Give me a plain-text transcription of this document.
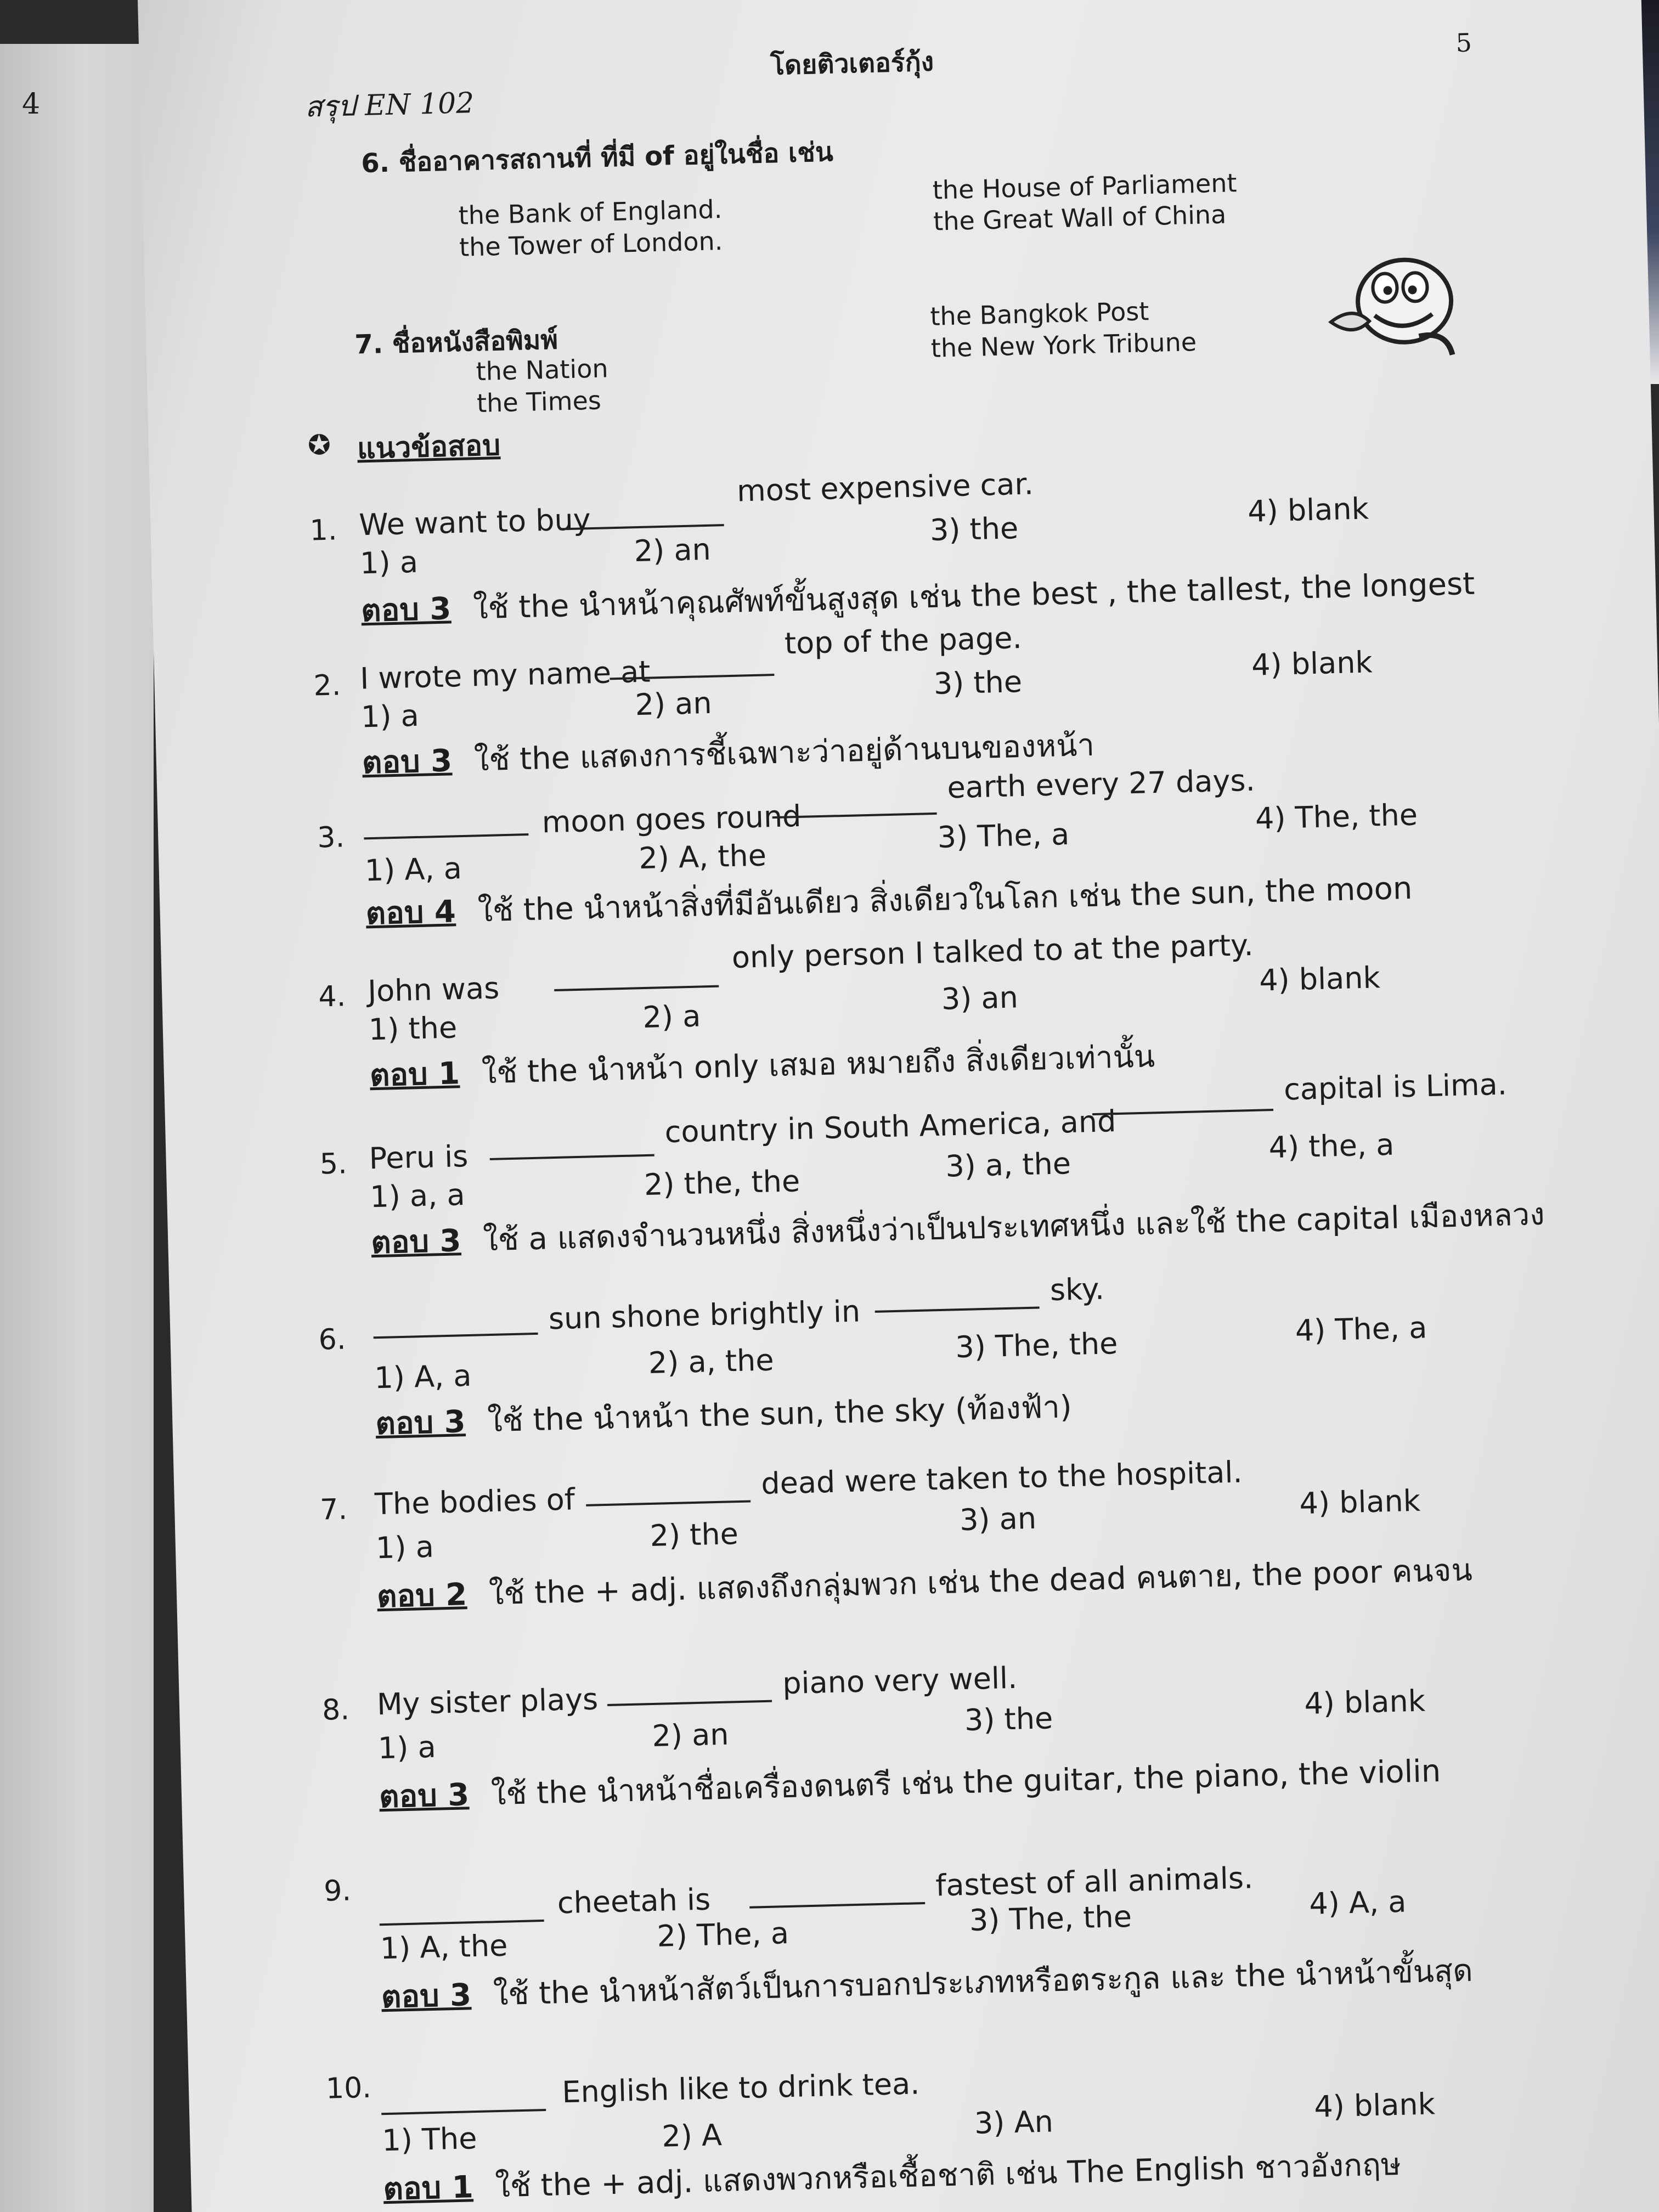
4	สรุป EN 102
โดยติวเตอร์กุ้ง
5
6. ชื่ออาคารสถานที่ ที่มี of อยู่ในชื่อ เช่น
the Bank of England.
the Tower of London.
the House of Parliament
the Great Wall of China
7. ชื่อหนังสือพิมพ์
the Nation
the Times
the Bangkok Post
the New York Tribune
✪ แนวข้อสอบ
1. We want to buy
most expensive car.
1) a	2) an
3) the
4) blank
ตอบ 3 ใช้ the นำหน้าคุณศัพท์ขั้นสูงสุด เช่น the best , the tallest, the longest
2. I wrote my name at
top of the page.
1) a	2) an
3) the
4) blank
ตอบ 3 ใช้ the แสดงการชี้เฉพาะว่าอยู่ด้านบนของหน้า
3.	moon goes round
earth every 27 days.
1) A, a	2) A, the
3) The, a	4) The, the
ตอบ 4 ใช้ the นำหน้าสิ่งที่มีอันเดียว สิ่งเดียวในโลก เช่น the sun, the moon
4. John was
only person I talked to at the party.
1) the	2) a
3) an
4) blank
ตอบ 1 ใช้ the นำหน้า only เสมอ หมายถึง สิ่งเดียวเท่านั้น
5. Peru is
country in South America, and
capital is Lima.
1) a, a	2) the, the	3) a, the
4) the, a
ตอบ 3 ใช้ a แสดงจำนวนหนึ่ง สิ่งหนึ่งว่าเป็นประเทศหนึ่ง และใช้ the capital เมืองหลวง
6.
sun shone brightly in
sky.
1) A, a	2) a, the	3) The, the	4) The, a
ตอบ 3 ใช้ the นำหน้า the sun, the sky (ท้องฟ้า)
7. The bodies of
dead were taken to the hospital.
1) a	2) the	3) an	4) blank
ตอบ 2 ใช้ the + adj. แสดงถึงกลุ่มพวก เช่น the dead คนตาย, the poor คนจน
8. My sister plays
piano very well.
1) a	2) an	3) the	4) blank
ตอบ 3 ใช้ the นำหน้าชื่อเครื่องดนตรี เช่น the guitar, the piano, the violin
9.	cheetah is	fastest of all animals.
1) A, the	2) The, a	3) The, the	4) A, a
ตอบ 3 ใช้ the นำหน้าสัตว์เป็นการบอกประเภทหรือตระกูล และ the นำหน้าขั้นสุด
10.	English like to drink tea.
1) The	2) A	3) An	4) blank
ตอบ 1 ใช้ the + adj. แสดงพวกหรือเชื้อชาติ เช่น The English ชาวอังกฤษ
